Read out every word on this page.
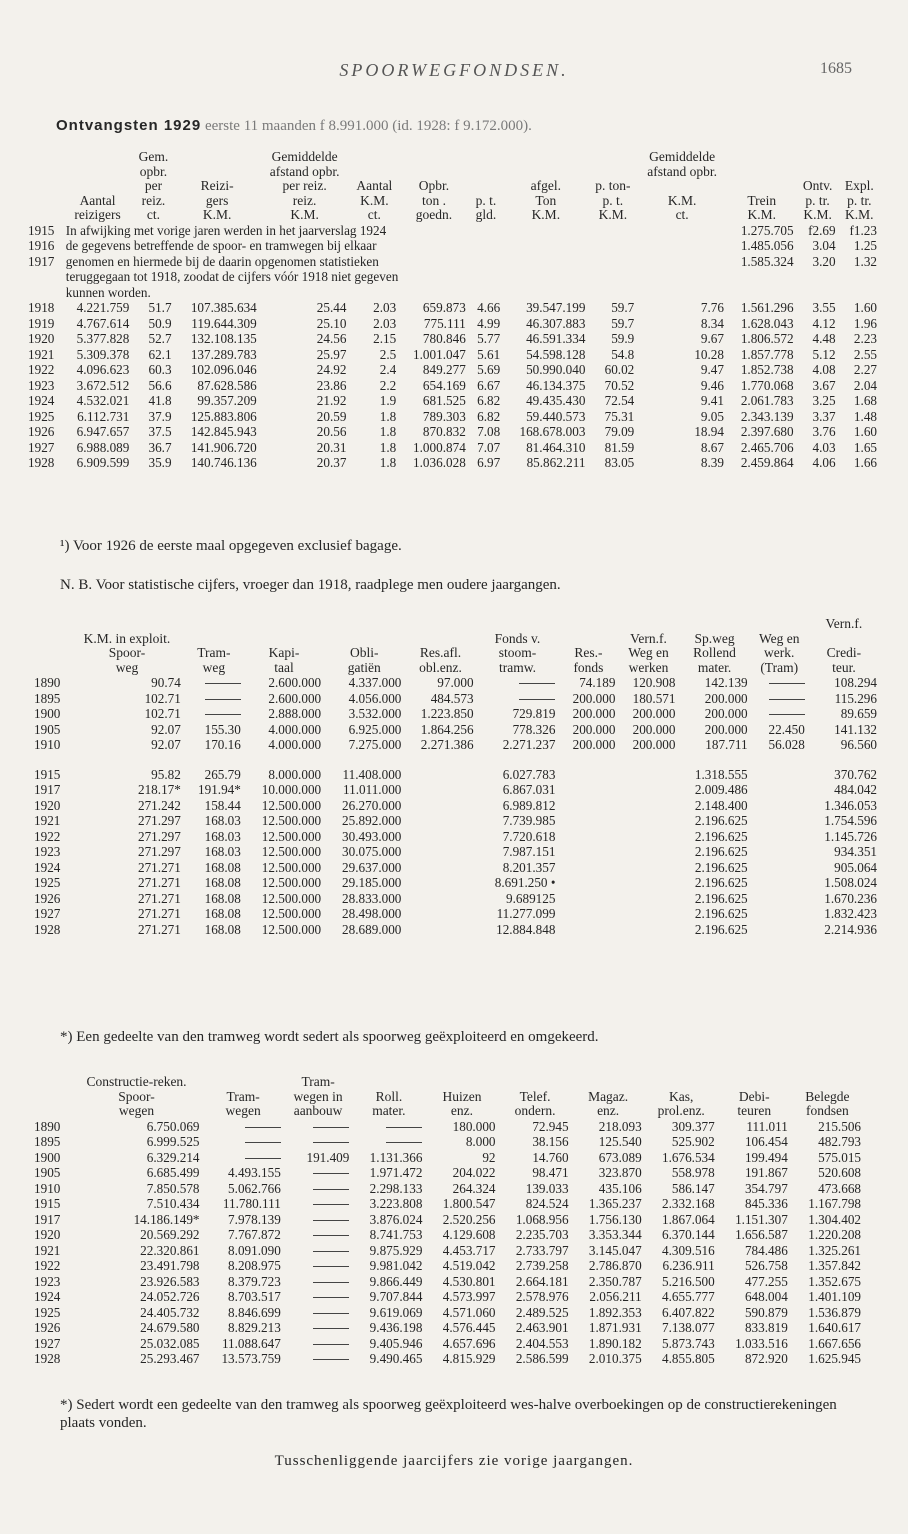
SPOORWEGFONDSEN.	1685
Ontvangsten 1929 eerste 11 maanden f 8.991.000 (id. 1928: f 9.172.000).
		Gem.		Gemiddelde						Gemiddelde			
		opbr.		afstand opbr.						afstand opbr.			
		per	Reizi-	per reiz.	Aantal	Opbr.		afgel.	p. ton-			Ontv.	Expl.
	Aantal	reiz.	gers	reiz.	K.M.	ton .	p. t.	Ton	p. t.	K.M.	Trein	p. tr.	p. tr.
	reizigers	ct.	K.M.	K.M.	ct.	goedn.	gld.	K.M.	K.M.	ct.	K.M.	K.M.	K.M.
1915	In afwijking met vorige jaren werden in het jaarverslag 1924										1.275.705	f2.69	f1.23
1916	de gegevens betreffende de spoor- en tramwegen bij elkaar										1.485.056	3.04	1.25
1917	genomen en hiermede bij de daarin opgenomen statistieken										1.585.324	3.20	1.32
	teruggegaan tot 1918, zoodat de cijfers vóór 1918 niet gegeven												
	kunnen worden.												
1918	4.221.759	51.7	107.385.634	25.44	2.03	659.873	4.66	39.547.199	59.7	7.76	1.561.296	3.55	1.60
1919	4.767.614	50.9	119.644.309	25.10	2.03	775.111	4.99	46.307.883	59.7	8.34	1.628.043	4.12	1.96
1920	5.377.828	52.7	132.108.135	24.56	2.15	780.846	5.77	46.591.334	59.9	9.67	1.806.572	4.48	2.23
1921	5.309.378	62.1	137.289.783	25.97	2.5	1.001.047	5.61	54.598.128	54.8	10.28	1.857.778	5.12	2.55
1922	4.096.623	60.3	102.096.046	24.92	2.4	849.277	5.69	50.990.040	60.02	9.47	1.852.738	4.08	2.27
1923	3.672.512	56.6	87.628.586	23.86	2.2	654.169	6.67	46.134.375	70.52	9.46	1.770.068	3.67	2.04
1924	4.532.021	41.8	99.357.209	21.92	1.9	681.525	6.82	49.435.430	72.54	9.41	2.061.783	3.25	1.68
1925	6.112.731	37.9	125.883.806	20.59	1.8	789.303	6.82	59.440.573	75.31	9.05	2.343.139	3.37	1.48
1926	6.947.657	37.5	142.845.943	20.56	1.8	870.832	7.08	168.678.003	79.09	18.94	2.397.680	3.76	1.60
1927	6.988.089	36.7	141.906.720	20.31	1.8	1.000.874	7.07	81.464.310	81.59	8.67	2.465.706	4.03	1.65
1928	6.909.599	35.9	140.746.136	20.37	1.8	1.036.028	6.97	85.862.211	83.05	8.39	2.459.864	4.06	1.66
¹) Voor 1926 de eerste maal opgegeven exclusief bagage.
N. B. Voor statistische cijfers, vroeger dan 1918, raadplege men oudere jaargangen.
											Vern.f.
	K.M. in exploit.					Fonds v.		Vern.f.	Sp.weg	Weg en	
	Spoor-	Tram-	Kapi-	Obli-	Res.afl.	stoom-	Res.-	Weg en	Rollend	werk.	Credi-
	weg	weg	taal	gatiën	obl.enz.	tramw.	fonds	werken	mater.	(Tram)	teur.
1890	90.74		2.600.000	4.337.000	97.000		74.189	120.908	142.139		108.294
1895	102.71		2.600.000	4.056.000	484.573		200.000	180.571	200.000		115.296
1900	102.71		2.888.000	3.532.000	1.223.850	729.819	200.000	200.000	200.000		89.659
1905	92.07	155.30	4.000.000	6.925.000	1.864.256	778.326	200.000	200.000	200.000	22.450	141.132
1910	92.07	170.16	4.000.000	7.275.000	2.271.386	2.271.237	200.000	200.000	187.711	56.028	96.560

1915	95.82	265.79	8.000.000	11.408.000		6.027.783			1.318.555		370.762
1917	218.17*	191.94*	10.000.000	11.011.000		6.867.031			2.009.486		484.042
1920	271.242	158.44	12.500.000	26.270.000		6.989.812			2.148.400		1.346.053
1921	271.297	168.03	12.500.000	25.892.000		7.739.985			2.196.625		1.754.596
1922	271.297	168.03	12.500.000	30.493.000		7.720.618			2.196.625		1.145.726
1923	271.297	168.03	12.500.000	30.075.000		7.987.151			2.196.625		934.351
1924	271.271	168.08	12.500.000	29.637.000		8.201.357			2.196.625		905.064
1925	271.271	168.08	12.500.000	29.185.000		8.691.250 •			2.196.625		1.508.024
1926	271.271	168.08	12.500.000	28.833.000		9.689125			2.196.625		1.670.236
1927	271.271	168.08	12.500.000	28.498.000		11.277.099			2.196.625		1.832.423
1928	271.271	168.08	12.500.000	28.689.000		12.884.848			2.196.625		2.214.936
*) Een gedeelte van den tramweg wordt sedert als spoorweg geëxploiteerd en omgekeerd.
	Constructie-reken.		Tram-							
	Spoor-	Tram-	wegen in	Roll.	Huizen	Telef.	Magaz.	Kas,	Debi-	Belegde
	wegen	wegen	aanbouw	mater.	enz.	ondern.	enz.	prol.enz.	teuren	fondsen
1890	6.750.069				180.000	72.945	218.093	309.377	111.011	215.506
1895	6.999.525				8.000	38.156	125.540	525.902	106.454	482.793
1900	6.329.214		191.409	1.131.366	92	14.760	673.089	1.676.534	199.494	575.015
1905	6.685.499	4.493.155		1.971.472	204.022	98.471	323.870	558.978	191.867	520.608
1910	7.850.578	5.062.766		2.298.133	264.324	139.033	435.106	586.147	354.797	473.668
1915	7.510.434	11.780.111		3.223.808	1.800.547	824.524	1.365.237	2.332.168	845.336	1.167.798
1917	14.186.149*	7.978.139		3.876.024	2.520.256	1.068.956	1.756.130	1.867.064	1.151.307	1.304.402
1920	20.569.292	7.767.872		8.741.753	4.129.608	2.235.703	3.353.344	6.370.144	1.656.587	1.220.208
1921	22.320.861	8.091.090		9.875.929	4.453.717	2.733.797	3.145.047	4.309.516	784.486	1.325.261
1922	23.491.798	8.208.975		9.981.042	4.519.042	2.739.258	2.786.870	6.236.911	526.758	1.357.842
1923	23.926.583	8.379.723		9.866.449	4.530.801	2.664.181	2.350.787	5.216.500	477.255	1.352.675
1924	24.052.726	8.703.517		9.707.844	4.573.997	2.578.976	2.056.211	4.655.777	648.004	1.401.109
1925	24.405.732	8.846.699		9.619.069	4.571.060	2.489.525	1.892.353	6.407.822	590.879	1.536.879
1926	24.679.580	8.829.213		9.436.198	4.576.445	2.463.901	1.871.931	7.138.077	833.819	1.640.617
1927	25.032.085	11.088.647		9.405.946	4.657.696	2.404.553	1.890.182	5.873.743	1.033.516	1.667.656
1928	25.293.467	13.573.759		9.490.465	4.815.929	2.586.599	2.010.375	4.855.805	872.920	1.625.945
*) Sedert wordt een gedeelte van den tramweg als spoorweg geëxploiteerd wes-halve overboekingen op de constructierekeningen plaats vonden.
Tusschenliggende jaarcijfers zie vorige jaargangen.
